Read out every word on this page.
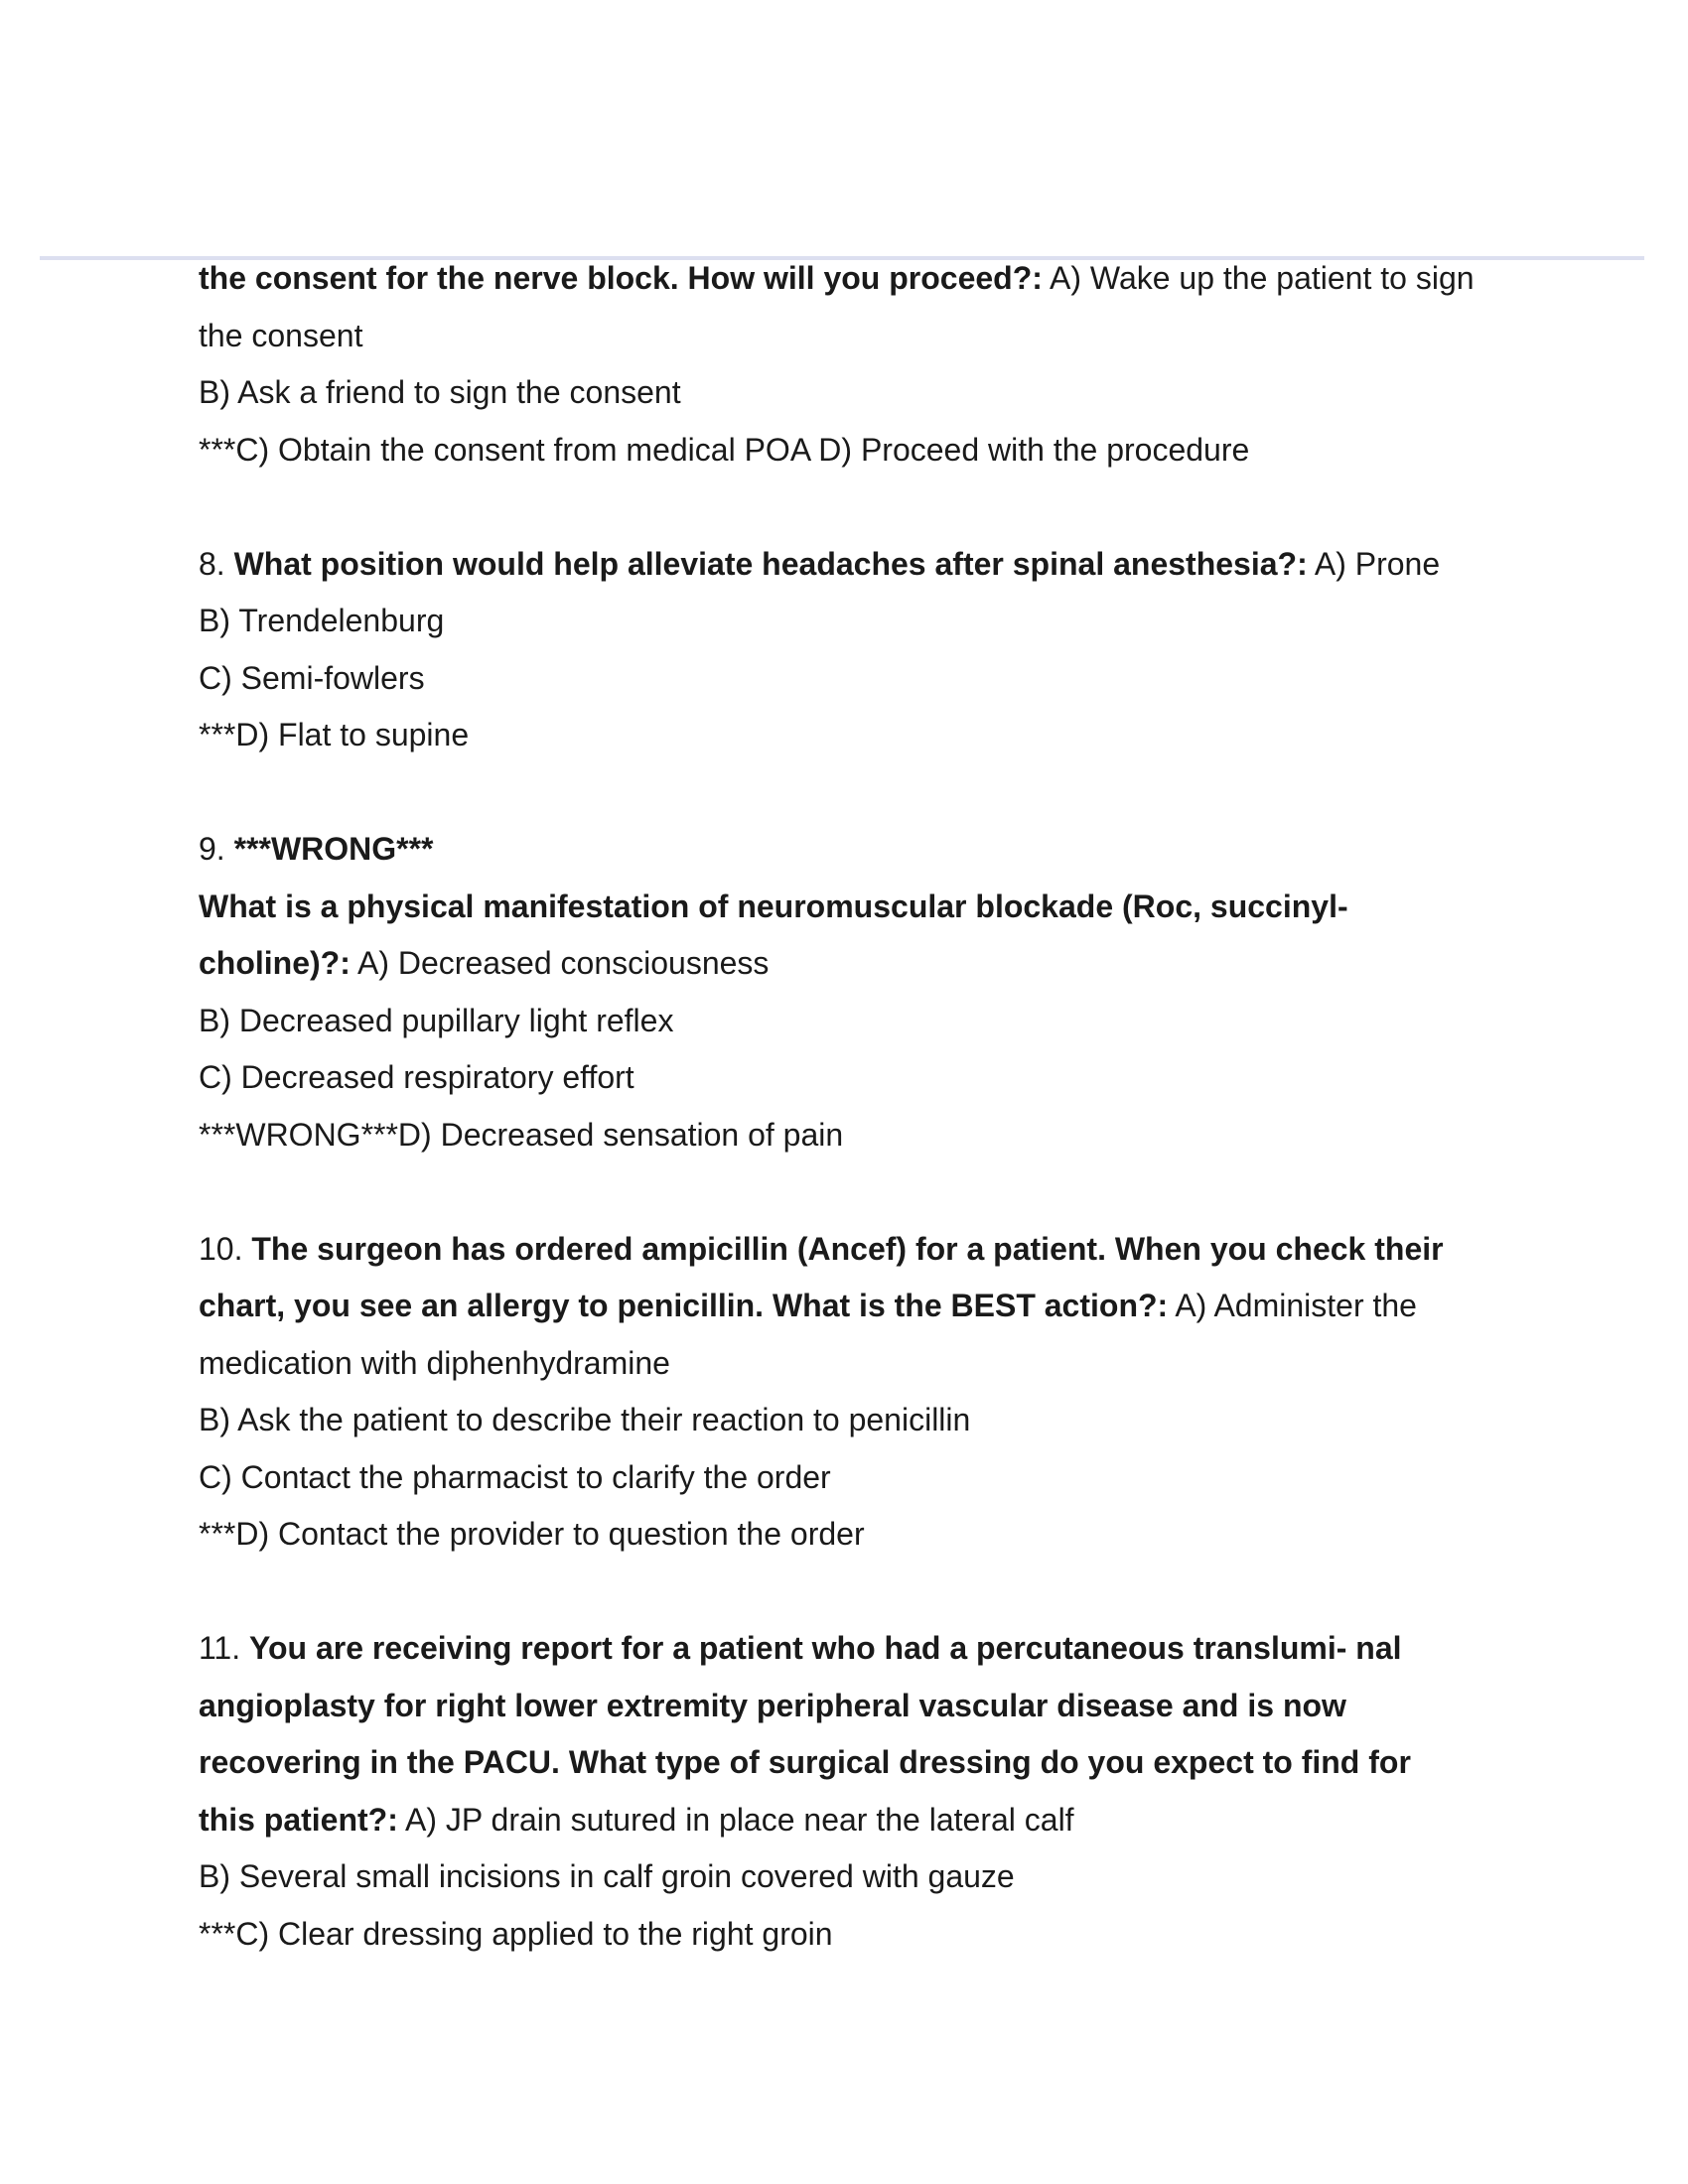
the consent for the nerve block. How will you proceed?: A) Wake up the patient to sign
the consent
B) Ask a friend to sign the consent
***C) Obtain the consent from medical POA D) Proceed with the procedure
8. What position would help alleviate headaches after spinal anesthesia?: A) Prone
B) Trendelenburg
C) Semi-fowlers
***D) Flat to supine
9. ***WRONG***
What is a physical manifestation of neuromuscular blockade (Roc, succinyl-
choline)?: A) Decreased consciousness
B) Decreased pupillary light reflex
C) Decreased respiratory effort
***WRONG***D) Decreased sensation of pain
10. The surgeon has ordered ampicillin (Ancef) for a patient. When you check their
chart, you see an allergy to penicillin. What is the BEST action?: A) Administer the
medication with diphenhydramine
B) Ask the patient to describe their reaction to penicillin
C) Contact the pharmacist to clarify the order
***D) Contact the provider to question the order
11. You are receiving report for a patient who had a percutaneous translumi- nal
angioplasty for right lower extremity peripheral vascular disease and is now
recovering in the PACU. What type of surgical dressing do you expect to find for
this patient?: A) JP drain sutured in place near the lateral calf
B) Several small incisions in calf groin covered with gauze
***C) Clear dressing applied to the right groin
